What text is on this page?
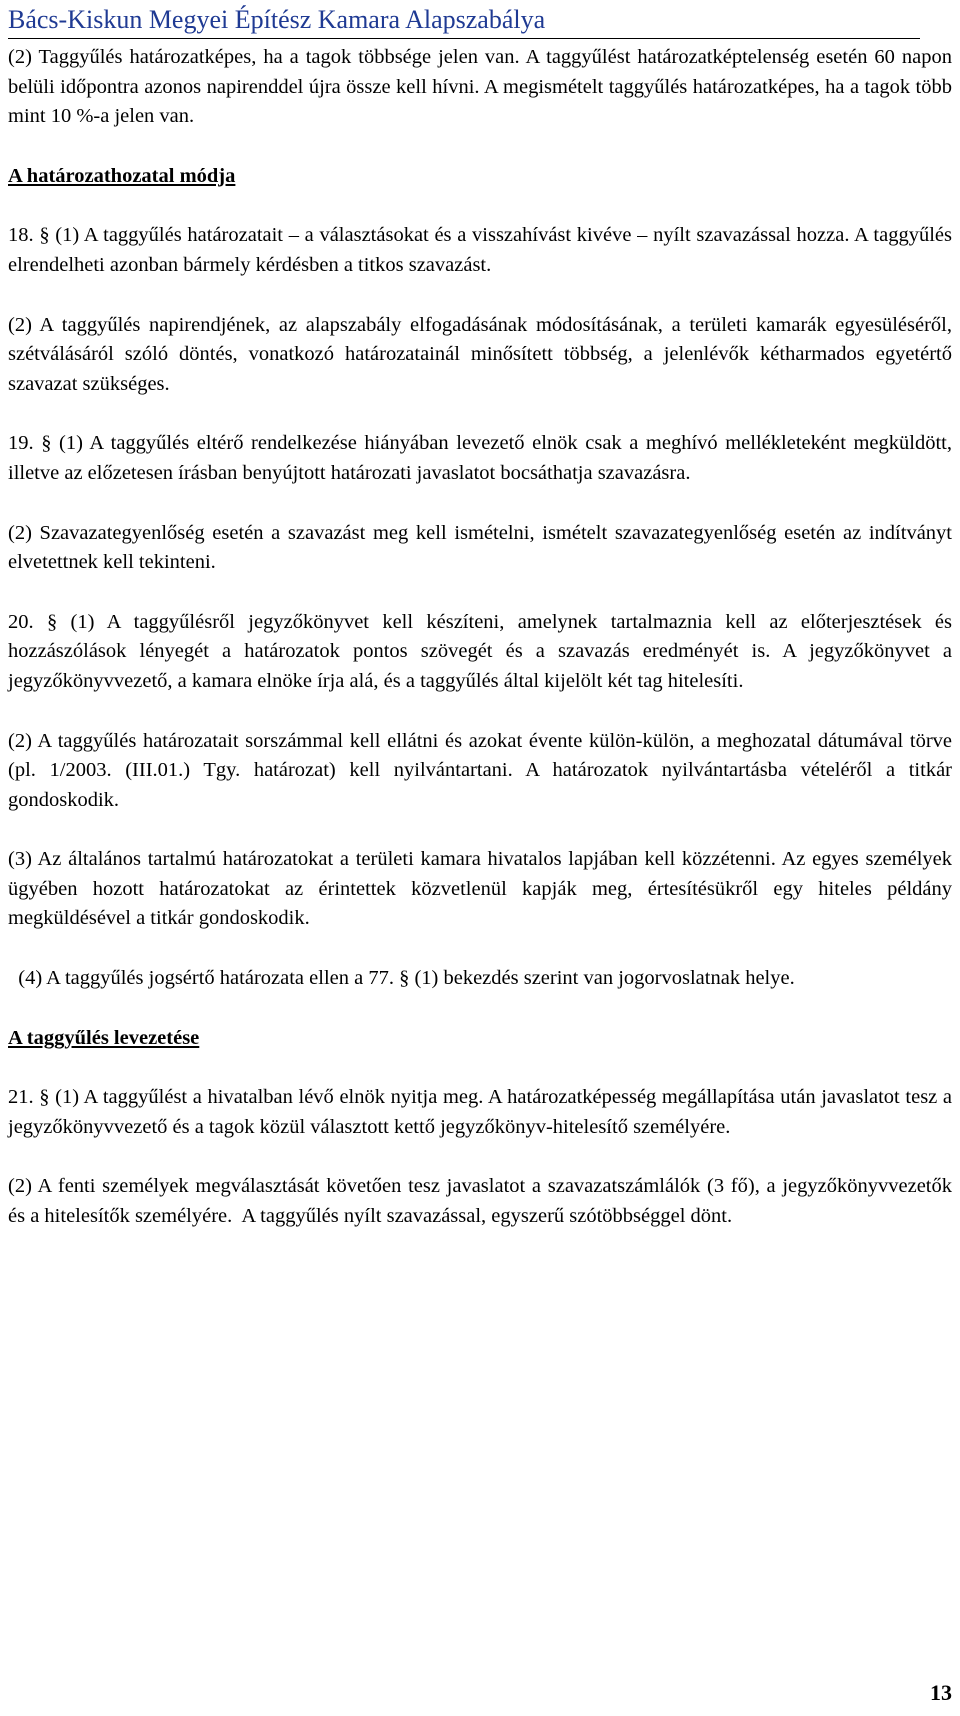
Bács-Kiskun Megyei Építész Kamara Alapszabálya

(2) Taggyűlés határozatképes, ha a tagok többsége jelen van. A taggyűlést határozatképtelenség esetén 60 napon belüli időpontra azonos napirenddel újra össze kell hívni. A megismételt taggyűlés határozatképes, ha a tagok több mint 10 %-a jelen van.

A határozathozatal módja

18. § (1) A taggyűlés határozatait – a választásokat és a visszahívást kivéve – nyílt szavazással hozza. A taggyűlés elrendelheti azonban bármely kérdésben a titkos szavazást.

(2) A taggyűlés napirendjének, az alapszabály elfogadásának módosításának, a területi kamarák egyesüléséről, szétválásáról szóló döntés, vonatkozó határozatainál minősített többség, a jelenlévők kétharmados egyetértő szavazat szükséges.

19. § (1) A taggyűlés eltérő rendelkezése hiányában levezető elnök csak a meghívó mellékleteként megküldött, illetve az előzetesen írásban benyújtott határozati javaslatot bocsáthatja szavazásra.

(2) Szavazategyenlőség esetén a szavazást meg kell ismételni, ismételt szavazategyenlőség esetén az indítványt elvetettnek kell tekinteni.

20. § (1) A taggyűlésről jegyzőkönyvet kell készíteni, amelynek tartalmaznia kell az előterjesztések és hozzászólások lényegét a határozatok pontos szövegét és a szavazás eredményét is. A jegyzőkönyvet a jegyzőkönyvvezető, a kamara elnöke írja alá, és a taggyűlés által kijelölt két tag hitelesíti.

(2) A taggyűlés határozatait sorszámmal kell ellátni és azokat évente külön-külön, a meghozatal dátumával törve (pl. 1/2003. (III.01.) Tgy. határozat) kell nyilvántartani. A határozatok nyilvántartásba vételéről a titkár gondoskodik.

(3) Az általános tartalmú határozatokat a területi kamara hivatalos lapjában kell közzétenni. Az egyes személyek ügyében hozott határozatokat az érintettek közvetlenül kapják meg, értesítésükről egy hiteles példány megküldésével a titkár gondoskodik.

(4) A taggyűlés jogsértő határozata ellen a 77. § (1) bekezdés szerint van jogorvoslatnak helye.

A taggyűlés levezetése

21. § (1) A taggyűlést a hivatalban lévő elnök nyitja meg. A határozatképesség megállapítása után javaslatot tesz a jegyzőkönyvvezető és a tagok közül választott kettő jegyzőkönyv-hitelesítő személyére.

(2) A fenti személyek megválasztását követően tesz javaslatot a szavazatszámlálók (3 fő), a jegyzőkönyvvezetők és a hitelesítők személyére.  A taggyűlés nyílt szavazással, egyszerű szótöbbséggel dönt.

13
